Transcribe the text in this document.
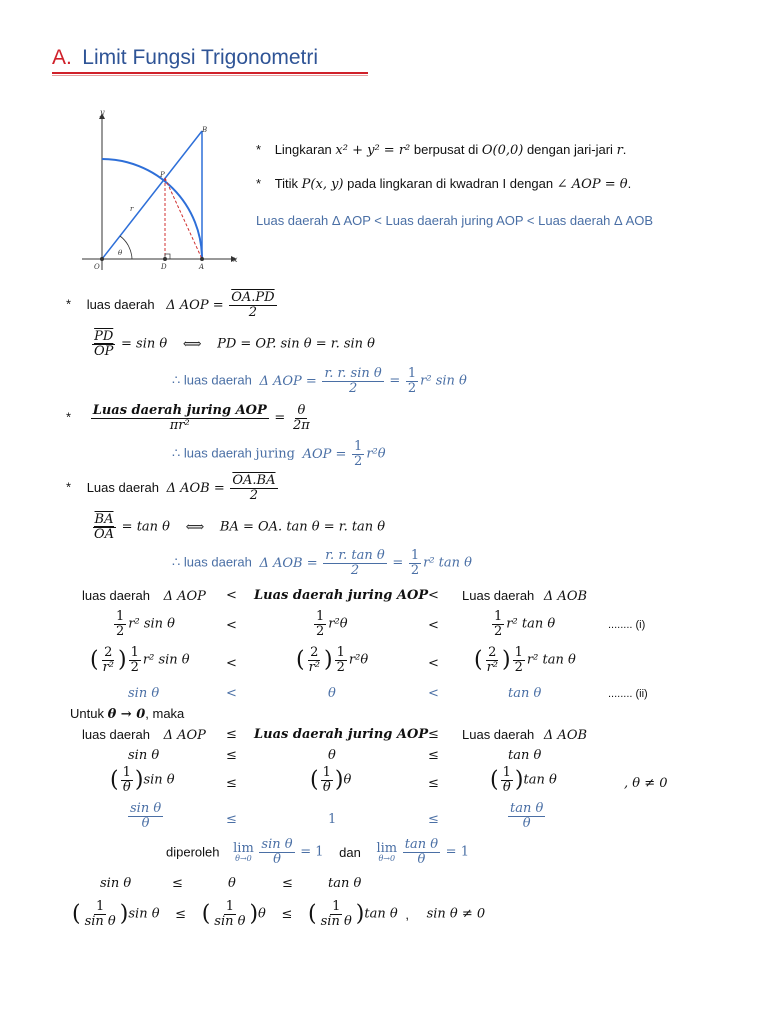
A. Limit Fungsi Trigonometri
y
x
B
P
r
θ
O	D	A
* Lingkaran x² + y² = r² berpusat di O(0,0) dengan jari-jari r.
* Titik P(x, y) pada lingkaran di kwadran I dengan ∠ AOP = θ.
Luas daerah Δ AOP < Luas daerah juring AOP < Luas daerah Δ AOB
* luas daerah Δ AOP = $\frac{OA.PD}{2}$
$\frac{\overline{PD}}{OP} = \sin \theta$ ⟺ PD = OP. sin θ = r. sin θ
∴ luas daerah Δ AOP = $\frac{\text{r. r. sin θ}}{2} = \frac{1}{2} r^2$ sin θ
* $\frac{\text{Luas daerah juring AOP}}{\text{πr²}} = \frac{\theta}{2\pi}$
∴ luas daerah juring AOP = $\frac{1}{2} r^2\theta$
* Luas daerah Δ AOB = $\frac{OA.BA}{2}$
$\frac{\overline{BA}}{OA} = \tan \theta$ ⟺ BA = OA. tan θ = r. tan θ
∴ luas daerah Δ AOB = $\frac{\text{r. r. tan θ}}{2} = \frac{1}{2} r^2$ tan θ
luas daerah Δ AOP < Luas daerah juring AOP < Luas daerah Δ AOB
$\frac{1}{2} r^2$ sin θ	<	$\frac{1}{2} r^2\theta$	<	$\frac{1}{2} r^2$ tan θ	........ (i)
( $\frac{2}{\text{r²}}$ ) $\frac{1}{2} r^2$ sin θ	<	( $\frac{2}{\text{r²}}$ ) $\frac{1}{2} r^2\theta$	< ( $\frac{2}{\text{r²}}$ ) $\frac{1}{2} r^2$ tan θ
sin θ	<	θ	<	tan θ	........ (ii)
Untuk θ → 0, maka
luas daerah Δ AOP ≤ Luas daerah juring AOP ≤ Luas daerah Δ AOB
sin θ	≤	θ	≤	tan θ
( $\frac{1}{\theta} )\sin$ θ	≤	( $\frac{1}{\theta} )\theta$	≤ ( $\frac{1}{\theta} )\tan$ θ	, θ ≠ 0
$\frac{\text{sin θ}}{\theta}$	≤	1	≤	$\frac{\text{tan θ}}{\theta}$
diperoleh lim
θ→0
$\frac{\text{sin θ}}{\theta} = 1$ dan lim
θ→0
$\frac{\text{tan θ}}{\theta} = 1$
sin θ	≤	θ	≤	tan θ
( $\frac{1}{\text{sin θ}} )\sin$ θ ≤ ( $\frac{1}{\text{sin θ}} )\theta$ ≤ ( $\frac{1}{\text{sin θ}} )\tan$ θ , sin θ ≠ 0
